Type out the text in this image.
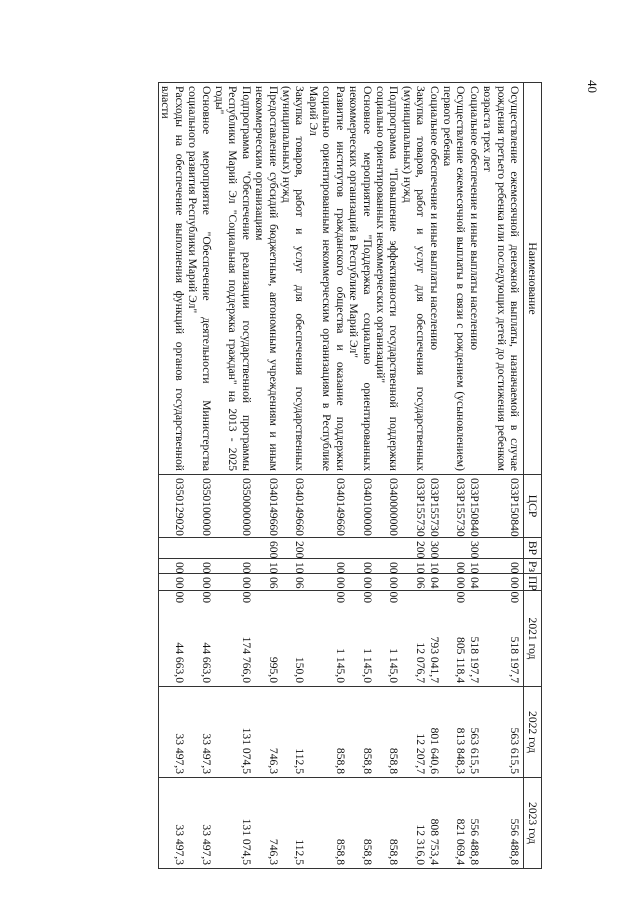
40
Наименование	ЦСР	ВР	Рз	ПР	2021 год	2022 год	2023 год
Осуществление ежемесячной денежной выплаты, назначаемой в случае рождения третьего ребенка или последующих детей до достижения ребенком возраста трех лет	033P150840		00	00 00	518 197,7	563 615,5	556 488,8
Социальное обеспечение и иные выплаты населению	033P150840	300	10	04	518 197,7	563 615,5	556 488,8
Осуществление ежемесячной выплаты в связи с рождением (усыновлением) первого ребенка	033P155730		00	00 00	805 118,4	813 848,3	821 069,4
Социальное обеспечение и иные выплаты населению	033P155730	300	10	04	793 041,7	801 640,6	808 753,4
Закупка товаров, работ и услуг для обеспечения государственных (муниципальных) нужд	033P155730	200	10	06	12 076,7	12 207,7	12 316,0
Подпрограмма "Повышение эффективности государственной поддержки социально ориентированных некоммерческих организаций"	0340000000		00	00 00	1 145,0	858,8	858,8
Основное мероприятие "Поддержка социально ориентированных некоммерческих организаций в Республике Марий Эл"	0340100000		00	00 00	1 145,0	858,8	858,8
Развитие институтов гражданского общества и оказание поддержки социально ориентированным некоммерческим организациям в Республике Марий Эл	0340149660		00	00 00	1 145,0	858,8	858,8
Закупка товаров, работ и услуг для обеспечения государственных (муниципальных) нужд	0340149660	200	10	06	150,0	112,5	112,5
Предоставление субсидий бюджетным, автономным учреждениям и иным некоммерческим организациям	0340149660	600	10	06	995,0	746,3	746,3
Подпрограмма "Обеспечение реализации государственной программы Республики Марий Эл "Социальная поддержка граждан" на 2013 - 2025 годы"	0350000000		00	00 00	174 766,0	131 074,5	131 074,5
Основное мероприятие "Обеспечение деятельности Министерства социального развития Республики Марий Эл"	0350100000		00	00 00	44 663,0	33 497,3	33 497,3
Расходы на обеспечение выполнения функций органов государственной власти	0350129020		00	00 00	44 663,0	33 497,3	33 497,3
